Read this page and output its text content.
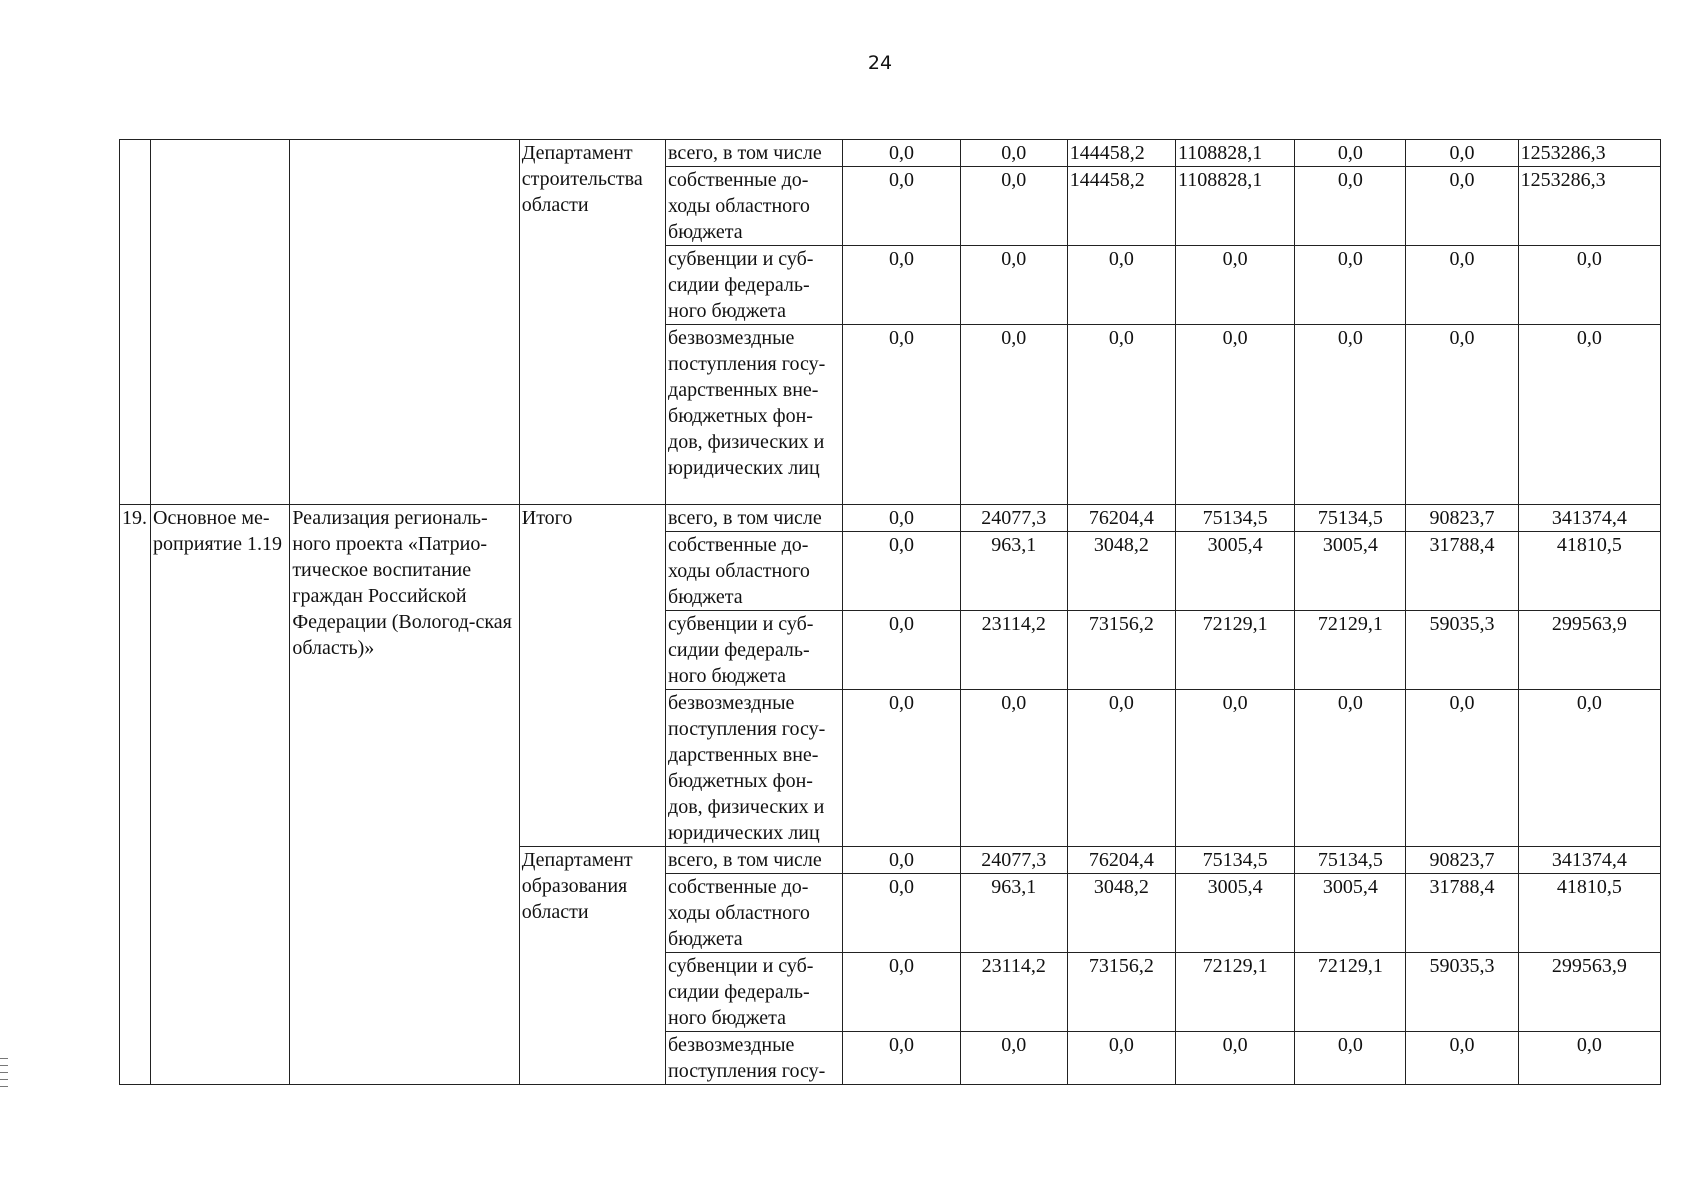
24
			Департамент строительства области	всего, в том числе	0,0	0,0	144458,2	1108828,1	0,0	0,0	1253286,3
				собственные до-ходы областного бюджета	0,0	0,0	144458,2	1108828,1	0,0	0,0	1253286,3
				субвенции и суб-сидии федераль-ного бюджета	0,0	0,0	0,0	0,0	0,0	0,0	0,0
				безвозмездные поступления госу-дарственных вне-бюджетных фон-дов, физических и юридических лиц	0,0	0,0	0,0	0,0	0,0	0,0	0,0
19.	Основное ме-роприятие 1.19	Реализация региональ-ного проекта «Патрио-тическое воспитание граждан Российской Федерации (Вологод-ская область)»	Итого	всего, в том числе	0,0	24077,3	76204,4	75134,5	75134,5	90823,7	341374,4
				собственные до-ходы областного бюджета	0,0	963,1	3048,2	3005,4	3005,4	31788,4	41810,5
				субвенции и суб-сидии федераль-ного бюджета	0,0	23114,2	73156,2	72129,1	72129,1	59035,3	299563,9
				безвозмездные поступления госу-дарственных вне-бюджетных фон-дов, физических и юридических лиц	0,0	0,0	0,0	0,0	0,0	0,0	0,0
			Департамент образования области	всего, в том числе	0,0	24077,3	76204,4	75134,5	75134,5	90823,7	341374,4
				собственные до-ходы областного бюджета	0,0	963,1	3048,2	3005,4	3005,4	31788,4	41810,5
				субвенции и суб-сидии федераль-ного бюджета	0,0	23114,2	73156,2	72129,1	72129,1	59035,3	299563,9
				безвозмездные поступления госу-	0,0	0,0	0,0	0,0	0,0	0,0	0,0
